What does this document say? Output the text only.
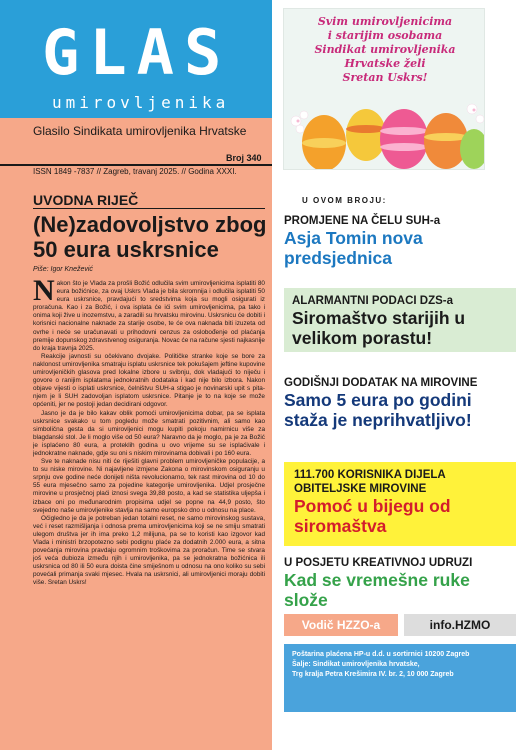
GLAS
umirovljenika
Glasilo Sindikata umirovljenika Hrvatske
Broj 340
ISSN 1849 -7837 // Zagreb, travanj 2025. // Godina XXXI.
UVODNA RIJEČ
(Ne)zadovoljstvo zbog 50 eura uskrsnice
Piše: Igor Knežević

Nakon što je Vlada za prošli Božić odlučila svim umirovljenicima isplatiti 80 eura božićnice, za ovaj Uskrs Vlada je bila skromnija i odlučila isplatiti 50 eura uskrsnice, pravdajući to sredstvima koja su mogli osigurati iz proračuna. Kao i za Božić, i ova isplata će ići svim umirovljenicima, pa tako i onima koji žive u inozemstvu, a zaradili su hrvatsku mirovinu. Uskrsnicu će dobiti i korisnici nacionalne naknade za starije osobe, te će ova naknada biti izuzeta od ovrhe i neće se uračunavati u prihodovni cenzus za oslobođenje od plaćanja premije dopunskog zdravstvenog osiguranja. Novac će na račune sjesti najkasnije do kraja travnja 2025.

Reakcije javnosti su očekivano dvojake. Političke stranke koje se bore za naklonost umirovljenika smatraju isplatu uskrsnice tek pokušajem jeftine kupovine umirovljeničkih glasova pred lokalne izbore u svibnju, dok vladajući to niječu i govore o ranijim isplatama jednokratnih dodataka i kad nije bilo izbora. Nakon objave vijesti o isplati uskrsnice, čelništvu SUH-a stigao je novinarski upit s pitanjem je li SUH zadovoljan isplatom uskrsnice. Pitanje je to na koje se može općeniti, jer ne postoji jedan decidirani odgovor.

Jasno je da je bilo kakav oblik pomoći umirovljenicima dobar, pa se isplata uskrsnice svakako u tom pogledu može smatrati pozitivnim, ali samo kao simbolična gesta da si umirovljenici mogu kupiti pokoju namirnicu više za blagdanski stol. Je li moglo više od 50 eura? Naravno da je moglo, pa je za Božić je isplaćeno 80 eura, a proteklih godina u ovo vrijeme su se isplaćivale i jednokratne naknade, gdje su oni s niskim mirovinama dobivali i po 160 eura.

Sve te naknade nisu niti će riješiti glavni problem umirovljeničke populacije, a to su niske mirovine. Ni najavljene izmjene Zakona o mirovinskom osiguranju u srpnju ove godine neće donijeti ništa revolucionarno, tek rast mirovina od 10 do 55 eura mjesečno samo za pojedine kategorije umirovljenika. Udjel prosječne mirovine u prosječnoj plaći iznosi svega 39,88 posto, a kad se statistika uljepša i izbace oni po međunarodnim propisima udjel se popne na 44,9 posto, što svejedno naše umirovljenike stavlja na samo europsko dno u odnosu na place.

Očigledno je da je potreban jedan totalni reset, ne samo mirovinskog sustava, već i reset razmišljanja i odnosa prema umirovljenicima koji se ne smiju smatrati ulegom društva jer ih ima preko 1,2 milijuna, pa se to koristi kao izgovor kad Vlada i ministri brzopotezno sebi podignu plaće za dodatnih 2.000 eura, a sitna povećanja mirovina pravdaju ogromnim troškovima za proračun. Time se stvara još veća dubioza između njih i umirovljenika, pa se jednokratna božićnica ili uskrsnica od 80 ili 50 eura doista čine smiješnom u odnosu na ono koliko su sebi povećali primanja svaki mjesec. Hvala na uskrsnici, ali umirovljenici moraju dobiti više. Sretan Uskrs!

Svim umirovljenicima
i starijim osobama
Sindikat umirovljenika
Hrvatske želi
Sretan Uskrs!
U OVOM BROJU:
PROMJENE NA ČELU SUH-a
Asja Tomin nova predsjednica
ALARMANTNI PODACI DZS-a
Siromaštvo starijih u velikom porastu!
GODIŠNJI DODATAK NA MIROVINE
Samo 5 eura po godini staža je neprihvatljivo!
111.700 KORISNIKA DIJELA OBITELJSKE MIROVINE
Pomoć u bijegu od siromaštva
U POSJETU KREATIVNOJ UDRUZI
Kad se vremešne ruke slože
Vodič HZZO-a	info.HZMO
Poštarina plaćena HP-u d.d. u sortirnici 10200 Zagreb
Šalje: Sindikat umirovljenika hrvatske,
Trg kralja Petra Krešimira IV. br. 2, 10 000 Zagreb
